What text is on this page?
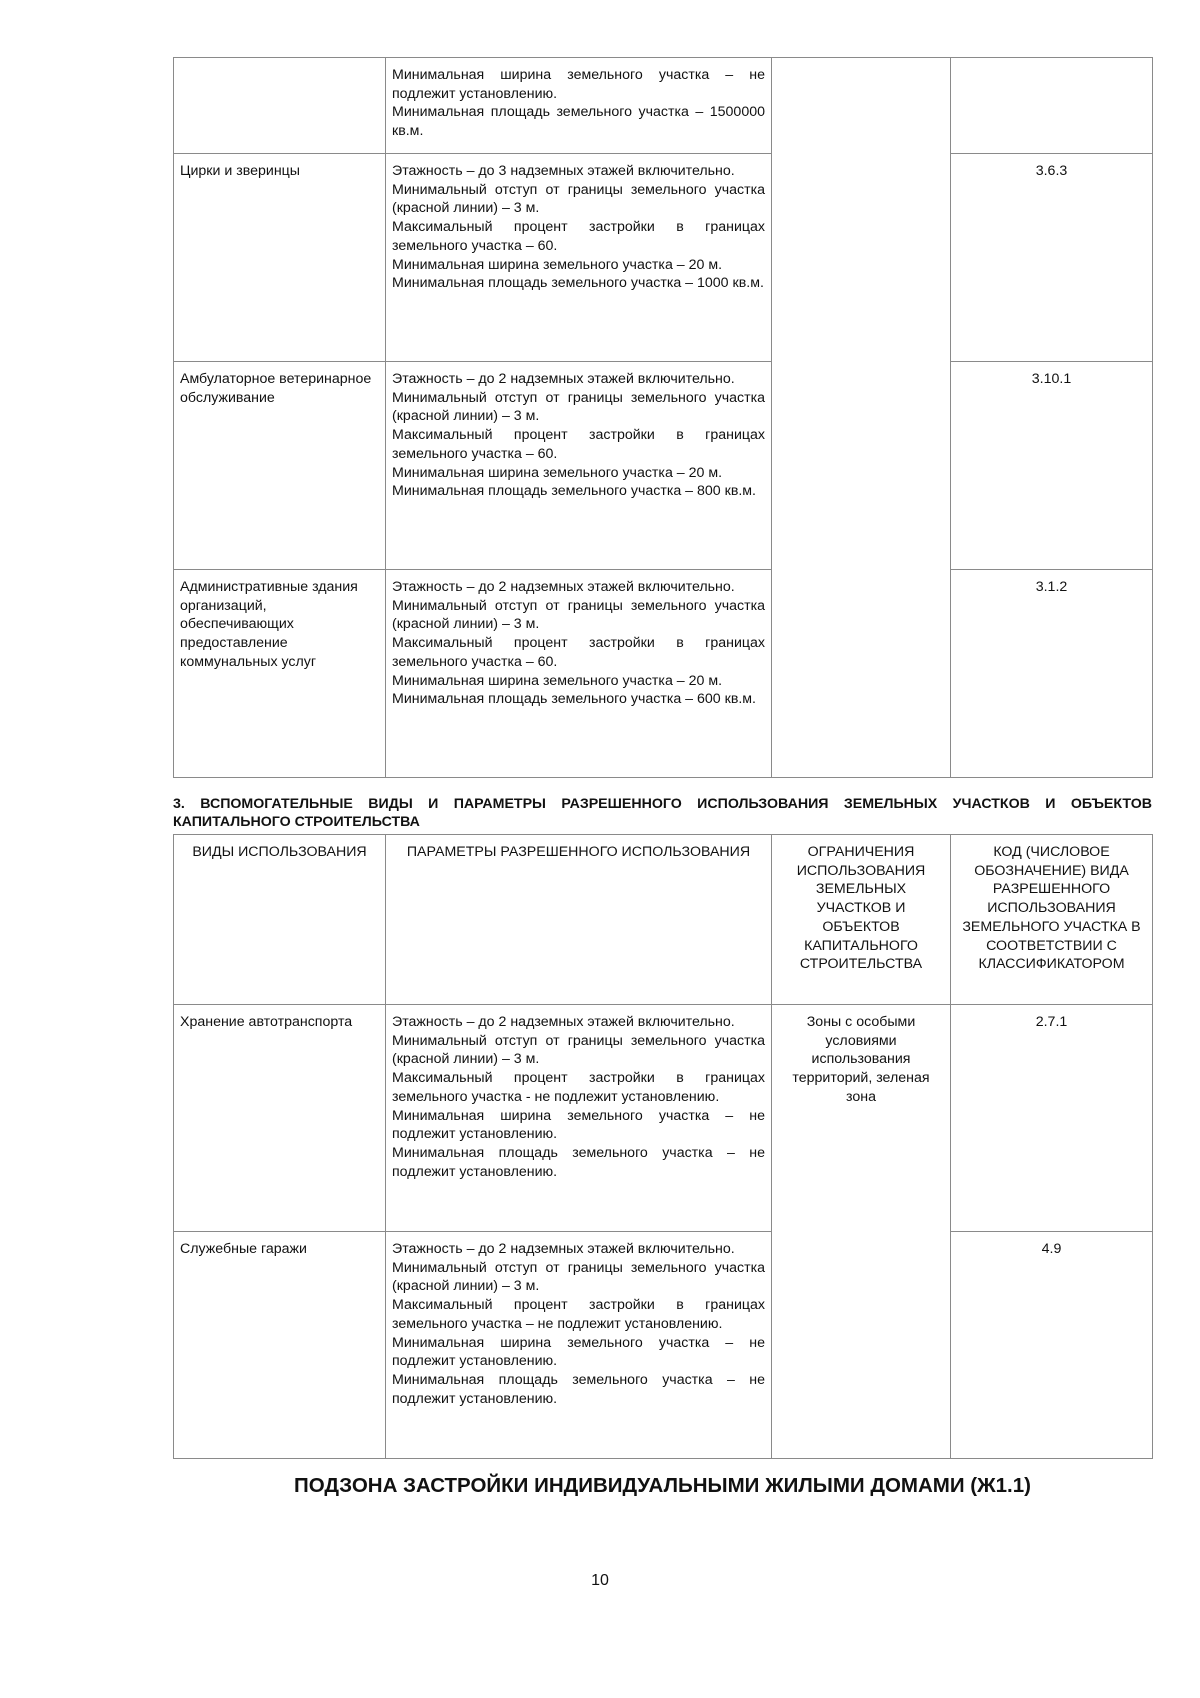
	Минимальная ширина земельного участка – не подлежит установлению.
Минимальная площадь земельного участка – 1500000 кв.м.		

Цирки и зверинцы	Этажность – до 3 надземных этажей включительно.
Минимальный отступ от границы земельного участка (красной линии) – 3 м.
Максимальный процент застройки в границах земельного участка – 60.
Минимальная ширина земельного участка – 20 м.
Минимальная площадь земельного участка – 1000 кв.м.		3.6.3
Амбулаторное ветеринарное обслуживание	Этажность – до 2 надземных этажей включительно.
Минимальный отступ от границы земельного участка (красной линии) – 3 м.
Максимальный процент застройки в границах земельного участка – 60.
Минимальная ширина земельного участка – 20 м.
Минимальная площадь земельного участка – 800 кв.м.		3.10.1
Административные здания организаций, обеспечивающих предоставление коммунальных услуг	Этажность – до 2 надземных этажей включительно.
Минимальный отступ от границы земельного участка (красной линии) – 3 м.
Максимальный процент застройки в границах земельного участка – 60.
Минимальная ширина земельного участка – 20 м.
Минимальная площадь земельного участка – 600 кв.м.		3.1.2
3. ВСПОМОГАТЕЛЬНЫЕ ВИДЫ И ПАРАМЕТРЫ РАЗРЕШЕННОГО ИСПОЛЬЗОВАНИЯ ЗЕМЕЛЬНЫХ УЧАСТКОВ И ОБЪЕКТОВ КАПИТАЛЬНОГО СТРОИТЕЛЬСТВА
ВИДЫ ИСПОЛЬЗОВАНИЯ	ПАРАМЕТРЫ РАЗРЕШЕННОГО ИСПОЛЬЗОВАНИЯ	ОГРАНИЧЕНИЯ ИСПОЛЬЗОВАНИЯ ЗЕМЕЛЬНЫХ УЧАСТКОВ И ОБЪЕКТОВ КАПИТАЛЬНОГО СТРОИТЕЛЬСТВА	КОД (ЧИСЛОВОЕ ОБОЗНАЧЕНИЕ) ВИДА РАЗРЕШЕННОГО ИСПОЛЬЗОВАНИЯ ЗЕМЕЛЬНОГО УЧАСТКА В СООТВЕТСТВИИ С КЛАССИФИКАТОРОМ
Хранение автотранспорта	Этажность – до 2 надземных этажей включительно.
Минимальный отступ от границы земельного участка (красной линии) – 3 м.
Максимальный процент застройки в границах земельного участка - не подлежит установлению.
Минимальная ширина земельного участка – не подлежит установлению.
Минимальная площадь земельного участка – не подлежит установлению.	Зоны с особыми условиями использования территорий, зеленая зона	2.7.1
Служебные гаражи	Этажность – до 2 надземных этажей включительно.
Минимальный отступ от границы земельного участка (красной линии) – 3 м.
Максимальный процент застройки в границах земельного участка – не подлежит установлению.
Минимальная ширина земельного участка – не подлежит установлению.
Минимальная площадь земельного участка – не подлежит установлению.		4.9
ПОДЗОНА ЗАСТРОЙКИ ИНДИВИДУАЛЬНЫМИ ЖИЛЫМИ ДОМАМИ (Ж1.1)
10
